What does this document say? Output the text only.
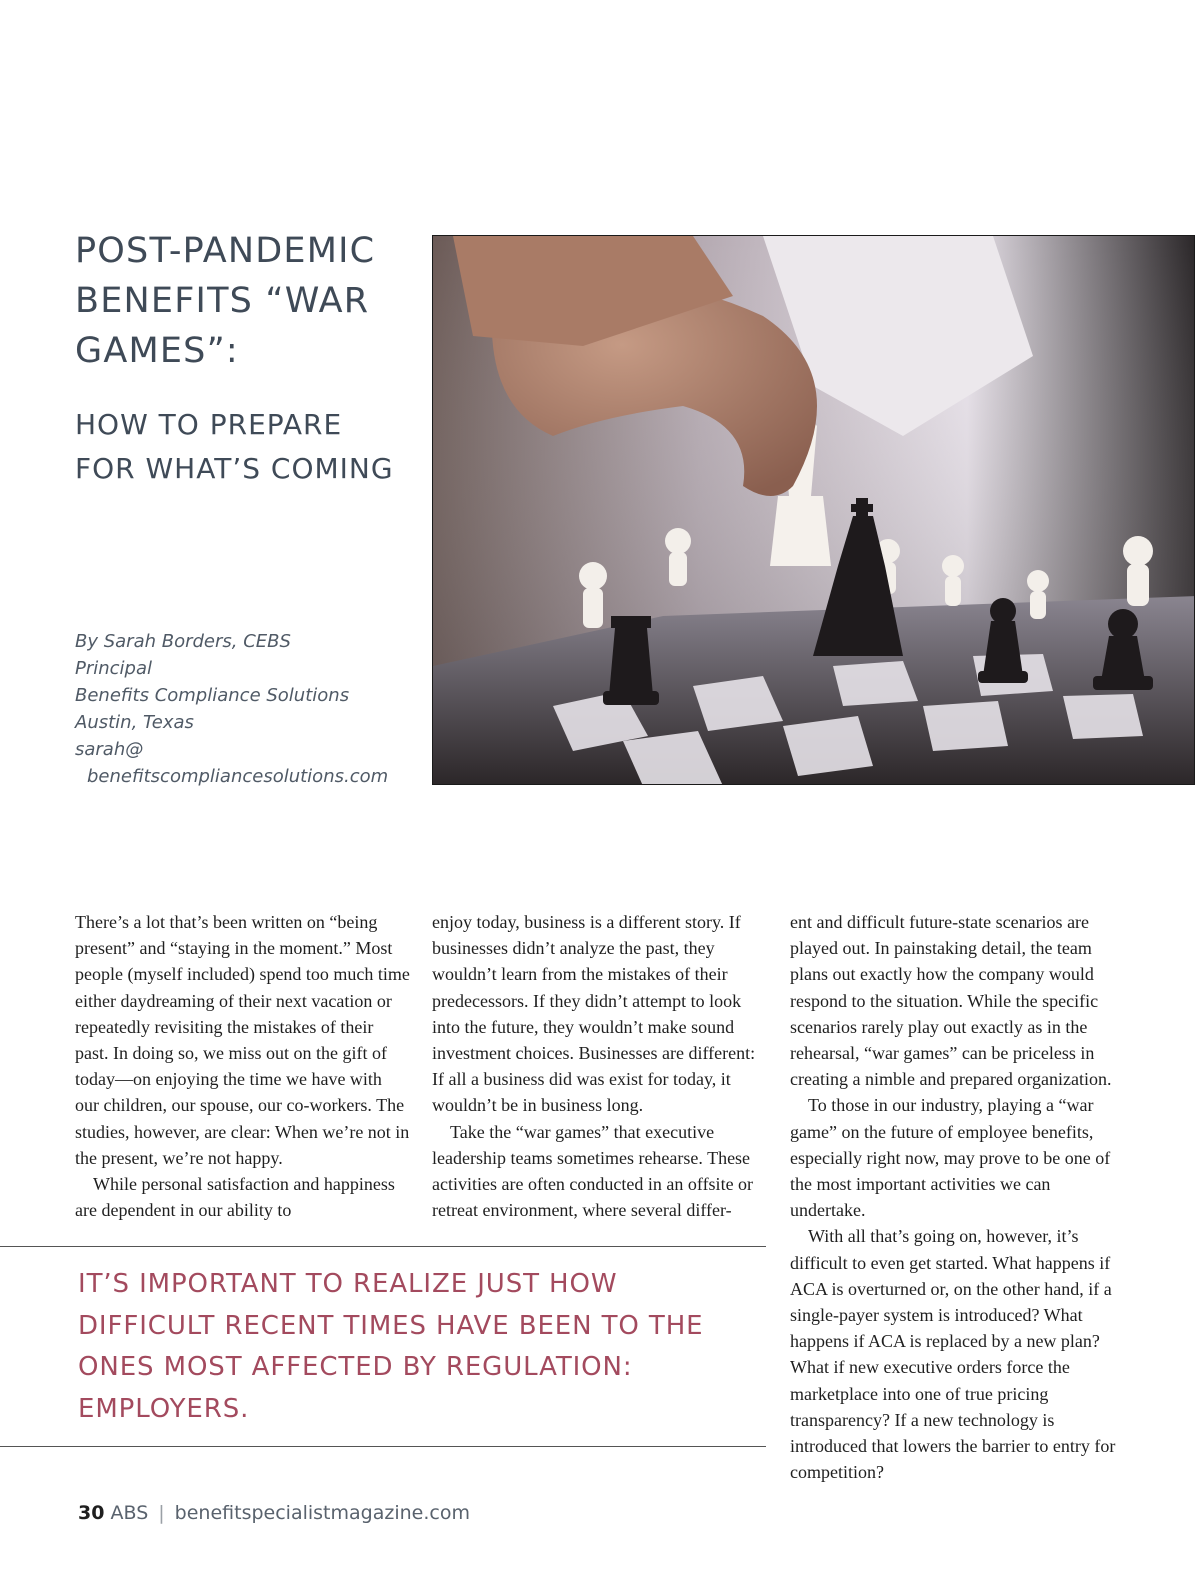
POST-PANDEMIC BENEFITS “WAR GAMES”:
HOW TO PREPARE FOR WHAT’S COMING
By Sarah Borders, CEBS
Principal
Benefits Compliance Solutions
Austin, Texas
sarah@
benefitscompliancesolutions.com

There’s a lot that’s been written on “being present” and “staying in the moment.” Most people (myself included) spend too much time either daydreaming of their next vacation or repeatedly revisiting the mistakes of their past. In doing so, we miss out on the gift of today—on enjoying the time we have with our children, our spouse, our co-workers. The studies, however, are clear: When we’re not in the present, we’re not happy.

While personal satisfaction and happiness are dependent in our ability to

enjoy today, business is a different story. If businesses didn’t analyze the past, they wouldn’t learn from the mistakes of their predecessors. If they didn’t attempt to look into the future, they wouldn’t make sound investment choices. Businesses are different: If all a business did was exist for today, it wouldn’t be in business long.

Take the “war games” that executive leadership teams sometimes rehearse. These activities are often conducted in an offsite or retreat environment, where several differ-

ent and difficult future-state scenarios are played out. In painstaking detail, the team plans out exactly how the company would respond to the situation. While the specific scenarios rarely play out exactly as in the rehearsal, “war games” can be priceless in creating a nimble and prepared organization.

To those in our industry, playing a “war game” on the future of employee benefits, especially right now, may prove to be one of the most important activities we can undertake.

With all that’s going on, however, it’s difficult to even get started. What happens if ACA is overturned or, on the other hand, if a single-payer system is introduced? What happens if ACA is replaced by a new plan? What if new executive orders force the marketplace into one of true pricing transparency? If a new technology is introduced that lowers the barrier to entry for competition?

IT’S IMPORTANT TO REALIZE JUST HOW DIFFICULT RECENT TIMES HAVE BEEN TO THE ONES MOST AFFECTED BY REGULATION: EMPLOYERS.
30 ABS | benefitspecialistmagazine.com
